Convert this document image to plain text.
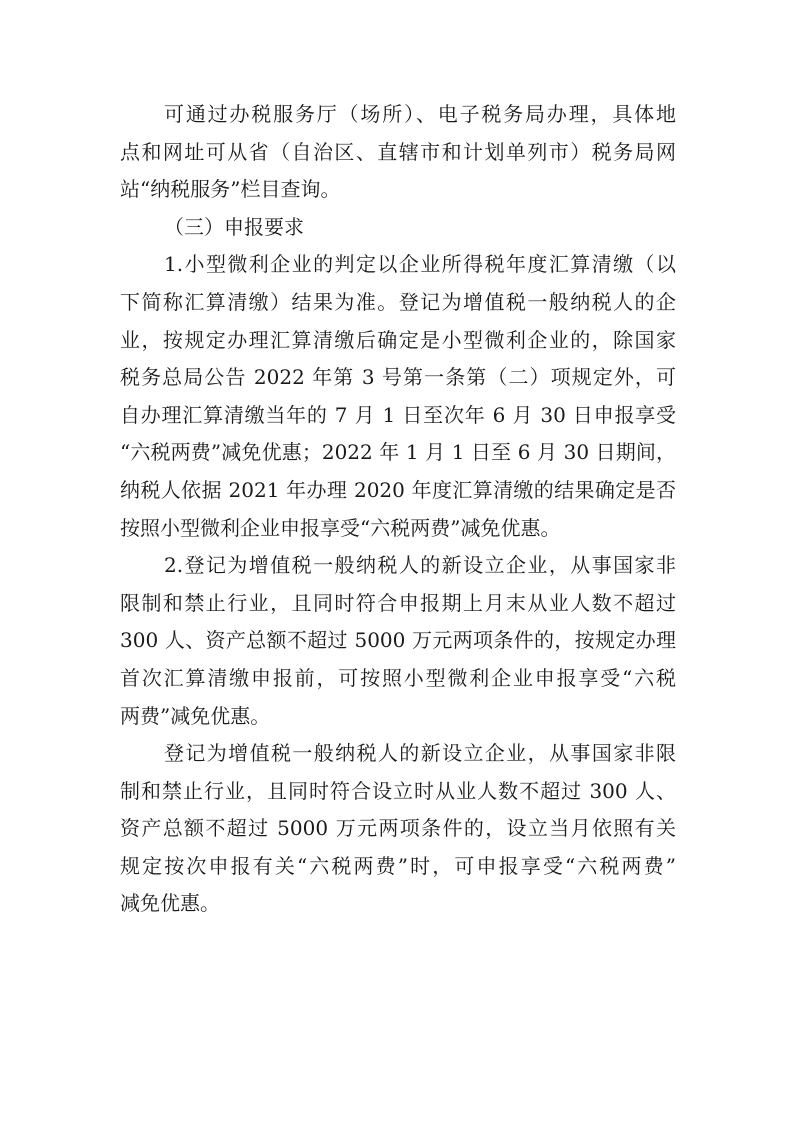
可通过办税服务厅（场所）、电子税务局办理，具体地
点和网址可从省（自治区、直辖市和计划单列市）税务局网
站“纳税服务”栏目查询。
（三）申报要求
1.小型微利企业的判定以企业所得税年度汇算清缴（以
下简称汇算清缴）结果为准。登记为增值税一般纳税人的企
业，按规定办理汇算清缴后确定是小型微利企业的，除国家
税务总局公告 2022 年第 3 号第一条第（二）项规定外，可
自办理汇算清缴当年的 7 月 1 日至次年 6 月 30 日申报享受
“六税两费”减免优惠；2022 年 1 月 1 日至 6 月 30 日期间，
纳税人依据 2021 年办理 2020 年度汇算清缴的结果确定是否
按照小型微利企业申报享受“六税两费”减免优惠。
2.登记为增值税一般纳税人的新设立企业，从事国家非
限制和禁止行业，且同时符合申报期上月末从业人数不超过
300 人、资产总额不超过 5000 万元两项条件的，按规定办理
首次汇算清缴申报前，可按照小型微利企业申报享受“六税
两费”减免优惠。
登记为增值税一般纳税人的新设立企业，从事国家非限
制和禁止行业，且同时符合设立时从业人数不超过 300 人、
资产总额不超过 5000 万元两项条件的，设立当月依照有关
规定按次申报有关“六税两费”时，可申报享受“六税两费”
减免优惠。
